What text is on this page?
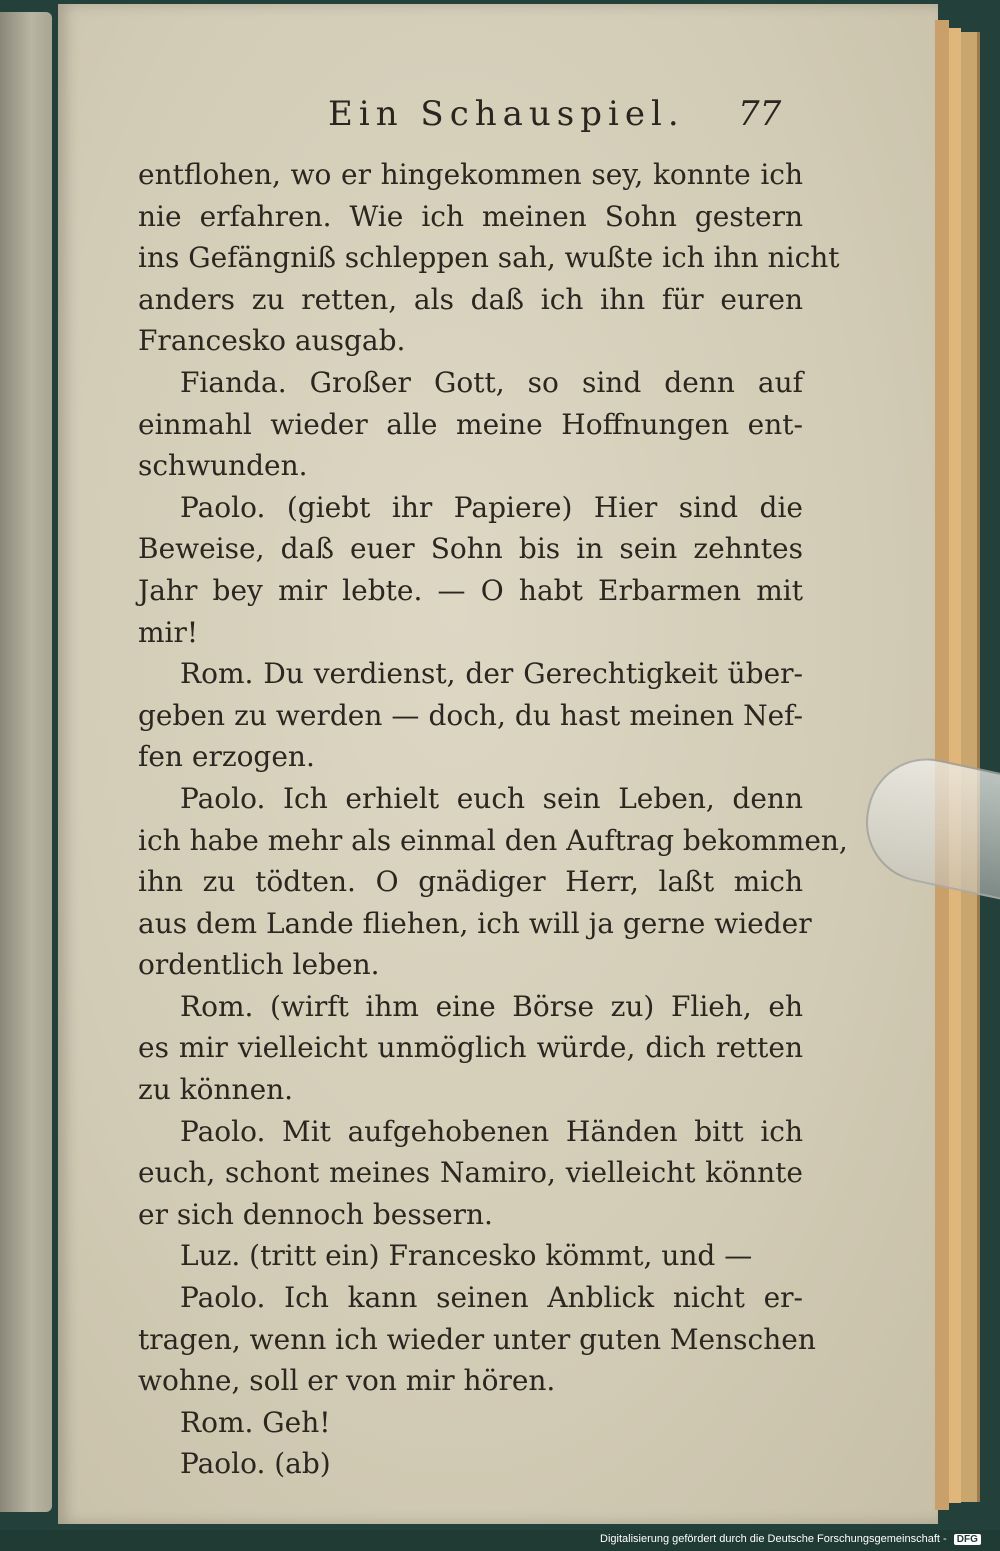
Ein Schauspiel. 77
entflohen, wo er hingekommen sey, konnte ich
nie erfahren. Wie ich meinen Sohn gestern
ins Gefängniß schleppen sah, wußte ich ihn nicht
anders zu retten, als daß ich ihn für euren
Francesko ausgab.
Fianda. Großer Gott, so sind denn auf
einmahl wieder alle meine Hoffnungen ent-
schwunden.
Paolo. (giebt ihr Papiere) Hier sind die
Beweise, daß euer Sohn bis in sein zehntes
Jahr bey mir lebte. — O habt Erbarmen mit
mir!
Rom. Du verdienst, der Gerechtigkeit über-
geben zu werden — doch, du hast meinen Nef-
fen erzogen.
Paolo. Ich erhielt euch sein Leben, denn
ich habe mehr als einmal den Auftrag bekommen,
ihn zu tödten. O gnädiger Herr, laßt mich
aus dem Lande fliehen, ich will ja gerne wieder
ordentlich leben.
Rom. (wirft ihm eine Börse zu) Flieh, eh
es mir vielleicht unmöglich würde, dich retten
zu können.
Paolo. Mit aufgehobenen Händen bitt ich
euch, schont meines Namiro, vielleicht könnte
er sich dennoch bessern.
Luz. (tritt ein) Francesko kömmt, und —
Paolo. Ich kann seinen Anblick nicht er-
tragen, wenn ich wieder unter guten Menschen
wohne, soll er von mir hören.
Rom. Geh!
Paolo. (ab)
Digitalisierung gefördert durch die Deutsche Forschungsgemeinschaft - DFG
